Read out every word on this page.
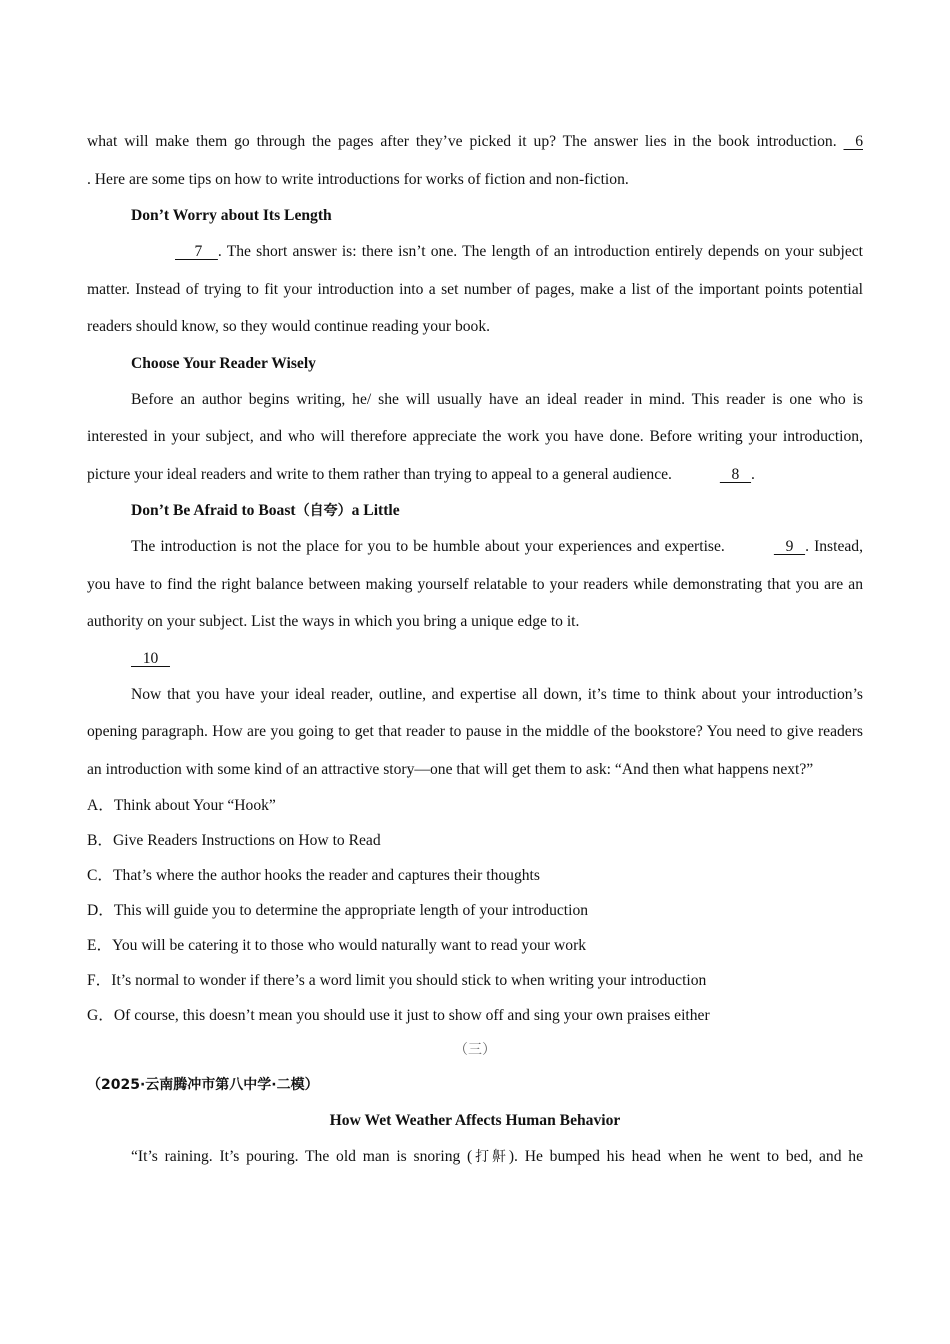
what will make them go through the pages after they’ve picked it up? The answer lies in the book introduction.    6
. Here are some tips on how to write introductions for works of fiction and non-fiction.
Don’t Worry about Its Length
7    . The short answer is: there isn’t one. The length of an introduction entirely depends on your subject matter. Instead of trying to fit your introduction into a set number of pages, make a list of the important points potential readers should know, so they would continue reading your book.
Choose Your Reader Wisely
Before an author begins writing, he/ she will usually have an ideal reader in mind. This reader is one who is interested in your subject, and who will therefore appreciate the work you have done. Before writing your introduction, picture your ideal readers and write to them rather than trying to appeal to a general audience.	8   .
Don’t Be Afraid to Boast（自夸）a Little
The introduction is not the place for you to be humble about your experiences and expertise.	9   . Instead, you have to find the right balance between making yourself relatable to your readers while demonstrating that you are an authority on your subject. List the ways in which you bring a unique edge to it.
10
Now that you have your ideal reader, outline, and expertise all down, it’s time to think about your introduction’s opening paragraph. How are you going to get that reader to pause in the middle of the bookstore? You need to give readers an introduction with some kind of an attractive story—one that will get them to ask: “And then what happens next?”
A．Think about Your “Hook”
B．Give Readers Instructions on How to Read
C．That’s where the author hooks the reader and captures their thoughts
D．This will guide you to determine the appropriate length of your introduction
E．You will be catering it to those who would naturally want to read your work
F．It’s normal to wonder if there’s a word limit you should stick to when writing your introduction
G．Of course, this doesn’t mean you should use it just to show off and sing your own praises either
（三）
（2025·云南腾冲市第八中学·二模）
How Wet Weather Affects Human Behavior
“It’s raining. It’s pouring. The old man is snoring (打鼾). He bumped his head when he went to bed, and he
